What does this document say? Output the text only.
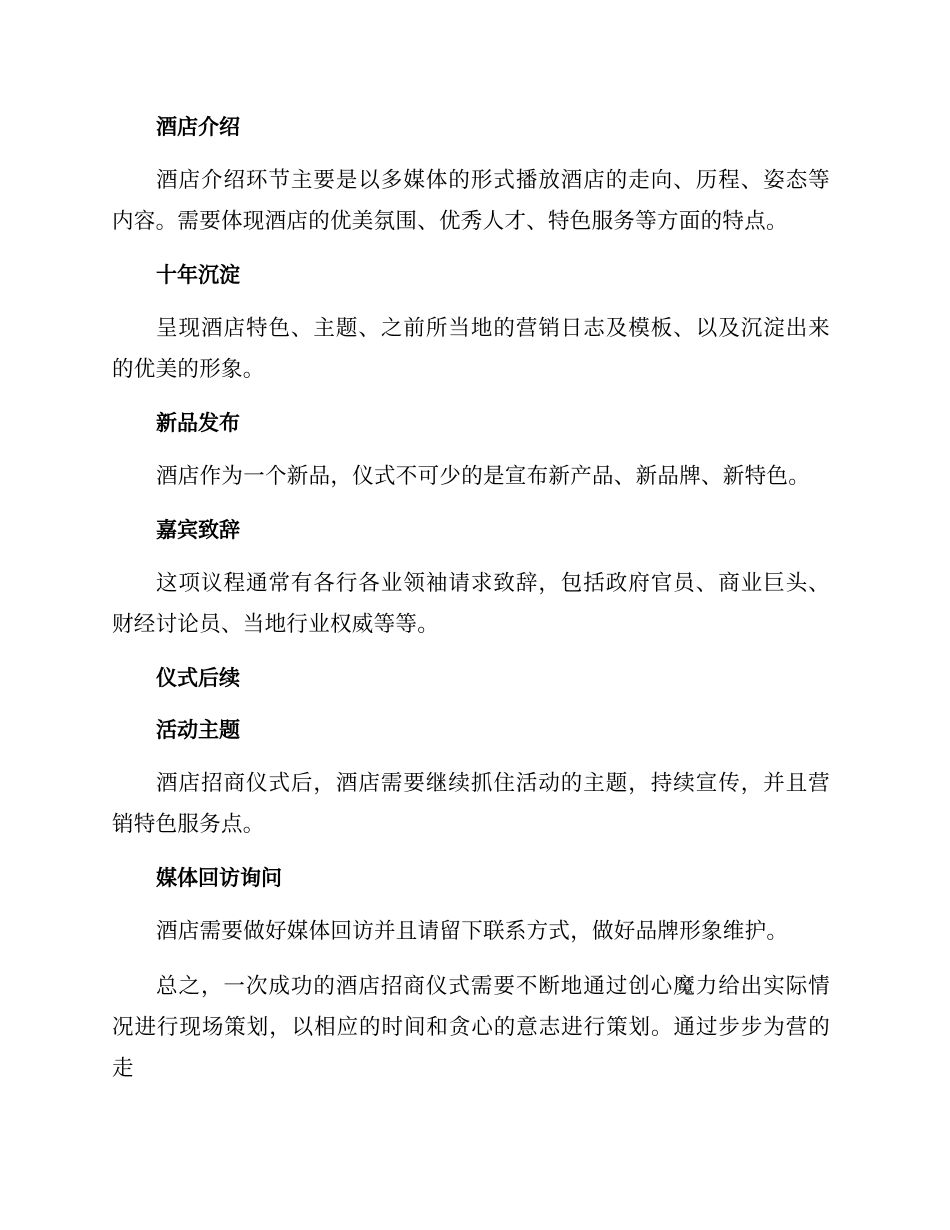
酒店介绍

酒店介绍环节主要是以多媒体的形式播放酒店的走向、历程、姿态等内容。需要体现酒店的优美氛围、优秀人才、特色服务等方面的特点。

十年沉淀

呈现酒店特色、主题、之前所当地的营销日志及模板、以及沉淀出来的优美的形象。

新品发布

酒店作为一个新品，仪式不可少的是宣布新产品、新品牌、新特色。

嘉宾致辞

这项议程通常有各行各业领袖请求致辞，包括政府官员、商业巨头、财经讨论员、当地行业权威等等。

仪式后续
活动主题

酒店招商仪式后，酒店需要继续抓住活动的主题，持续宣传，并且营销特色服务点。

媒体回访询问

酒店需要做好媒体回访并且请留下联系方式，做好品牌形象维护。

总之，一次成功的酒店招商仪式需要不断地通过创心魔力给出实际情况进行现场策划，以相应的时间和贪心的意志进行策划。通过步步为营的走
